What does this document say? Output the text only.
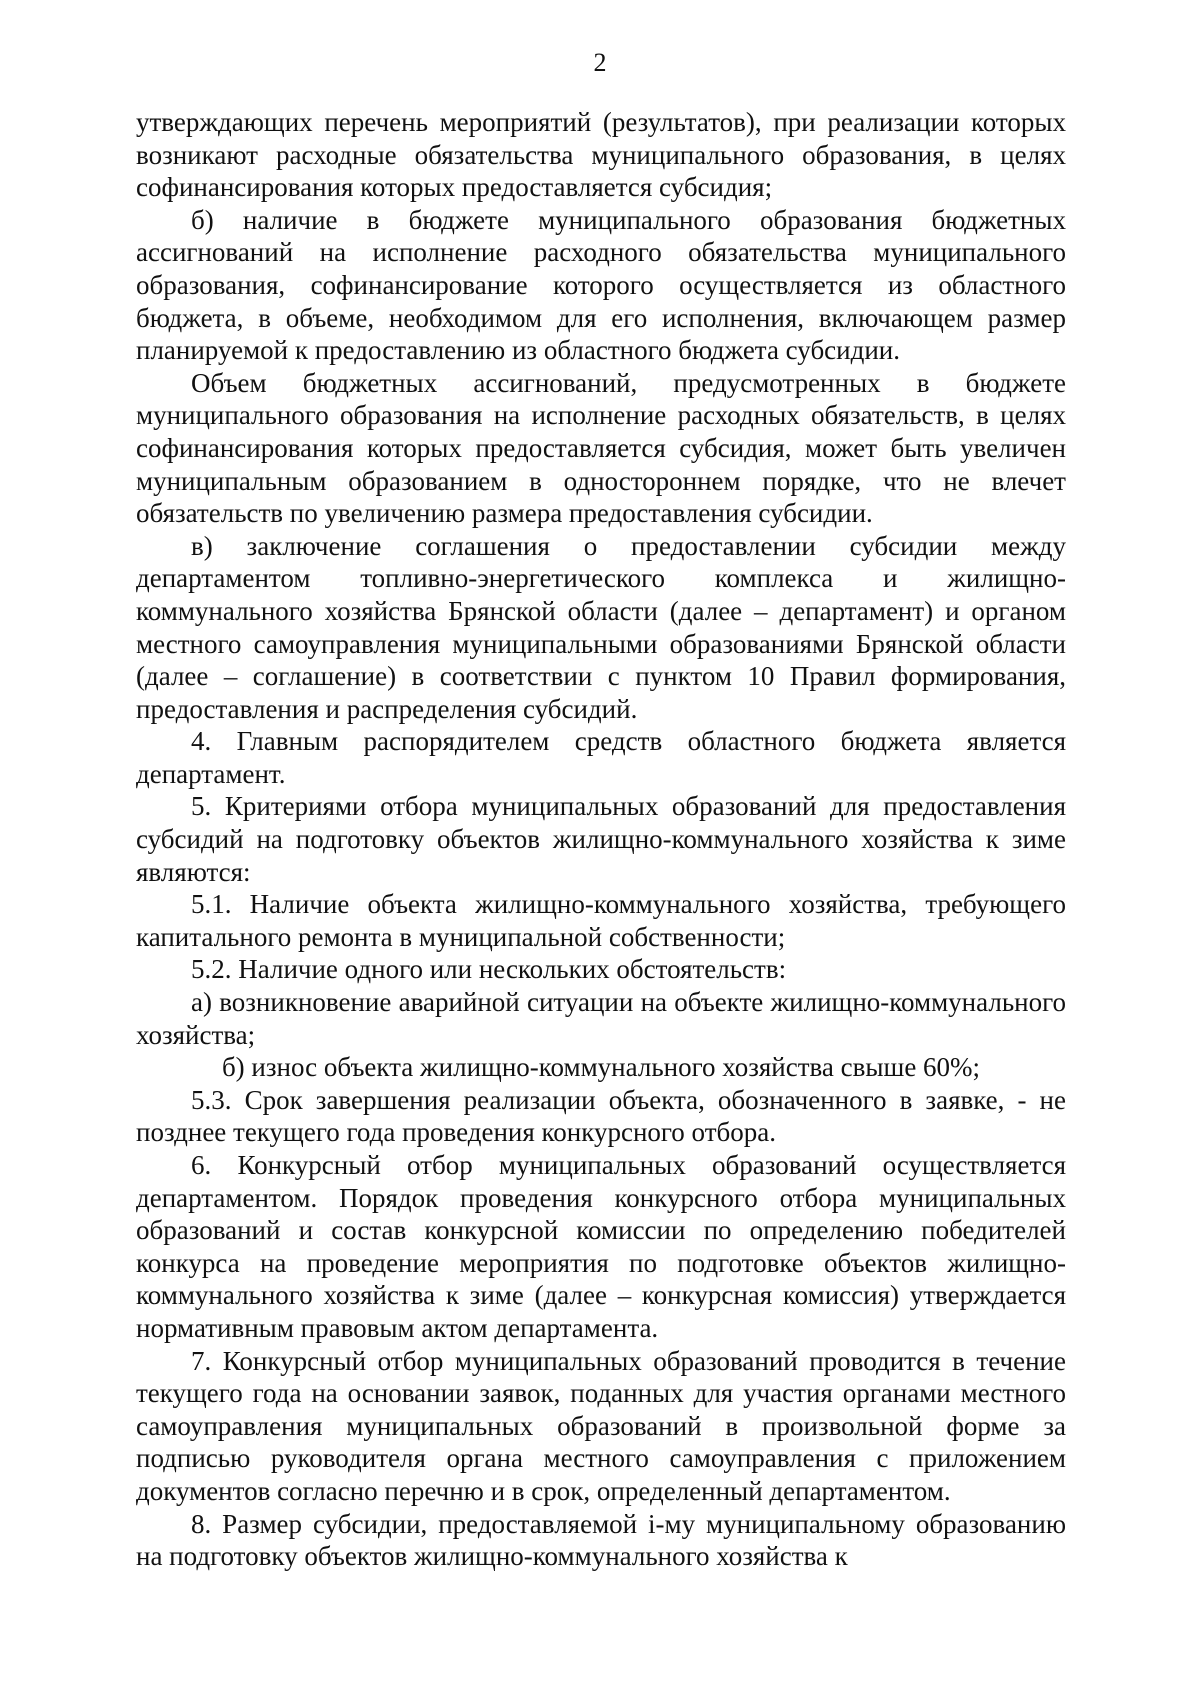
2

утверждающих перечень мероприятий (результатов), при реализации которых возникают расходные обязательства муниципального образования, в целях софинансирования которых предоставляется субсидия;

б) наличие в бюджете муниципального образования бюджетных ассигнований на исполнение расходного обязательства муниципального образования, софинансирование которого осуществляется из областного бюджета, в объеме, необходимом для его исполнения, включающем размер планируемой к предоставлению из областного бюджета субсидии.

Объем бюджетных ассигнований, предусмотренных в бюджете муниципального образования на исполнение расходных обязательств, в целях софинансирования которых предоставляется субсидия, может быть увеличен муниципальным образованием в одностороннем порядке, что не влечет обязательств по увеличению размера предоставления субсидии.

в) заключение соглашения о предоставлении субсидии между департаментом топливно-энергетического комплекса и жилищно-коммунального хозяйства Брянской области (далее – департамент) и органом местного самоуправления муниципальными образованиями Брянской области (далее – соглашение) в соответствии с пунктом 10 Правил формирования, предоставления и распределения субсидий.

4. Главным распорядителем средств областного бюджета является департамент.

5. Критериями отбора муниципальных образований для предоставления субсидий на подготовку объектов жилищно-коммунального хозяйства к зиме являются:

5.1. Наличие объекта жилищно-коммунального хозяйства, требующего капитального ремонта в муниципальной собственности;

5.2. Наличие одного или нескольких обстоятельств:

а) возникновение аварийной ситуации на объекте жилищно-коммунального хозяйства;

б) износ объекта жилищно-коммунального хозяйства свыше 60%;

5.3. Срок завершения реализации объекта, обозначенного в заявке, - не позднее текущего года проведения конкурсного отбора.

6. Конкурсный отбор муниципальных образований осуществляется департаментом. Порядок проведения конкурсного отбора муниципальных образований и состав конкурсной комиссии по определению победителей конкурса на проведение мероприятия по подготовке объектов жилищно-коммунального хозяйства к зиме (далее – конкурсная комиссия) утверждается нормативным правовым актом департамента.

7. Конкурсный отбор муниципальных образований проводится в течение текущего года на основании заявок, поданных для участия органами местного самоуправления муниципальных образований в произвольной форме за подписью руководителя органа местного самоуправления с приложением документов согласно перечню и в срок, определенный департаментом.

8. Размер субсидии, предоставляемой i-му муниципальному образованию на подготовку объектов жилищно-коммунального хозяйства к
